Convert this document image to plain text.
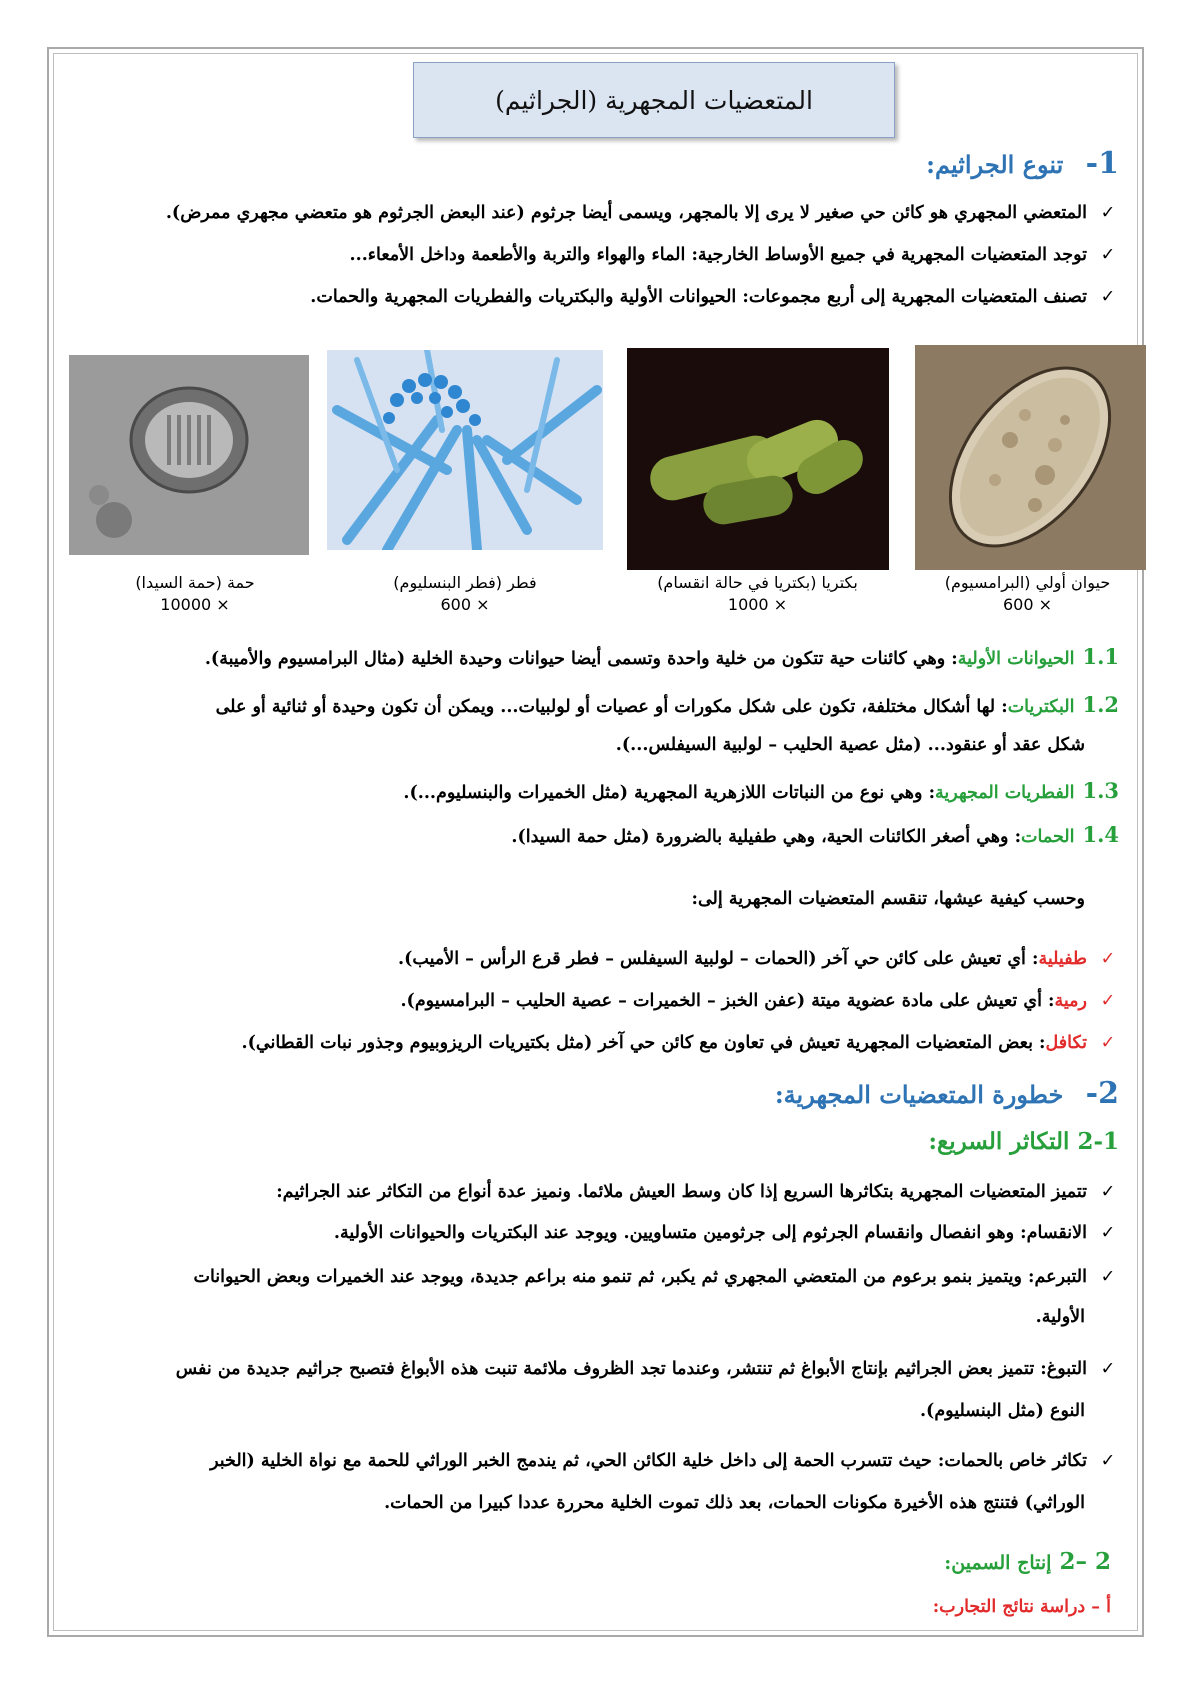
المتعضيات المجهرية (الجراثيم)
1- تنوع الجراثيم:
✓المتعضي المجهري هو كائن حي صغير لا يرى إلا بالمجهر، ويسمى أيضا جرثوم (عند البعض الجرثوم هو متعضي مجهري ممرض).
✓توجد المتعضيات المجهرية في جميع الأوساط الخارجية: الماء والهواء والتربة والأطعمة وداخل الأمعاء...
✓تصنف المتعضيات المجهرية إلى أربع مجموعات: الحيوانات الأولية والبكتريات والفطريات المجهرية والحمات.
حيوان أولي (البرامسيوم)
× 600
بكتريا (بكتريا في حالة انقسام)
× 1000
فطر (فطر البنسليوم)
× 600
حمة (حمة السيدا)
× 10000
1.1الحيوانات الأولية: وهي كائنات حية تتكون من خلية واحدة وتسمى أيضا حيوانات وحيدة الخلية (مثال البرامسيوم والأميبة).
1.2البكتريات: لها أشكال مختلفة، تكون على شكل مكورات أو عصيات أو لولبيات... ويمكن أن تكون وحيدة أو ثنائية أو على
شكل عقد أو عنقود... (مثل عصية الحليب – لولبية السيفلس...).
1.3الفطريات المجهرية: وهي نوع من النباتات اللازهرية المجهرية (مثل الخميرات والبنسليوم...).
1.4الحمات: وهي أصغر الكائنات الحية، وهي طفيلية بالضرورة (مثل حمة السيدا).
وحسب كيفية عيشها، تنقسم المتعضيات المجهرية إلى:
✓طفيلية: أي تعيش على كائن حي آخر (الحمات – لولبية السيفلس – فطر قرع الرأس – الأميب).
✓رمية: أي تعيش على مادة عضوية ميتة (عفن الخبز – الخميرات – عصية الحليب – البرامسيوم).
✓تكافل: بعض المتعضيات المجهرية تعيش في تعاون مع كائن حي آخر (مثل بكتيريات الريزوبيوم وجذور نبات القطاني).
2- خطورة المتعضيات المجهرية:
2-1 التكاثر السريع:
✓تتميز المتعضيات المجهرية بتكاثرها السريع إذا كان وسط العيش ملائما. ونميز عدة أنواع من التكاثر عند الجراثيم:
✓الانقسام: وهو انفصال وانقسام الجرثوم إلى جرثومين متساويين. ويوجد عند البكتريات والحيوانات الأولية.
✓التبرعم: ويتميز بنمو برعوم من المتعضي المجهري ثم يكبر، ثم تنمو منه براعم جديدة، ويوجد عند الخميرات وبعض الحيوانات
الأولية.
✓التبوغ: تتميز بعض الجراثيم بإنتاج الأبواغ ثم تنتشر، وعندما تجد الظروف ملائمة تنبت هذه الأبواغ فتصبح جراثيم جديدة من نفس
النوع (مثل البنسليوم).
✓تكاثر خاص بالحمات: حيث تتسرب الحمة إلى داخل خلية الكائن الحي، ثم يندمج الخبر الوراثي للحمة مع نواة الخلية (الخبر
الوراثي) فتنتج هذه الأخيرة مكونات الحمات، بعد ذلك تموت الخلية محررة عددا كبيرا من الحمات.
2 –2 إنتاج السمين:
أ – دراسة نتائج التجارب:
